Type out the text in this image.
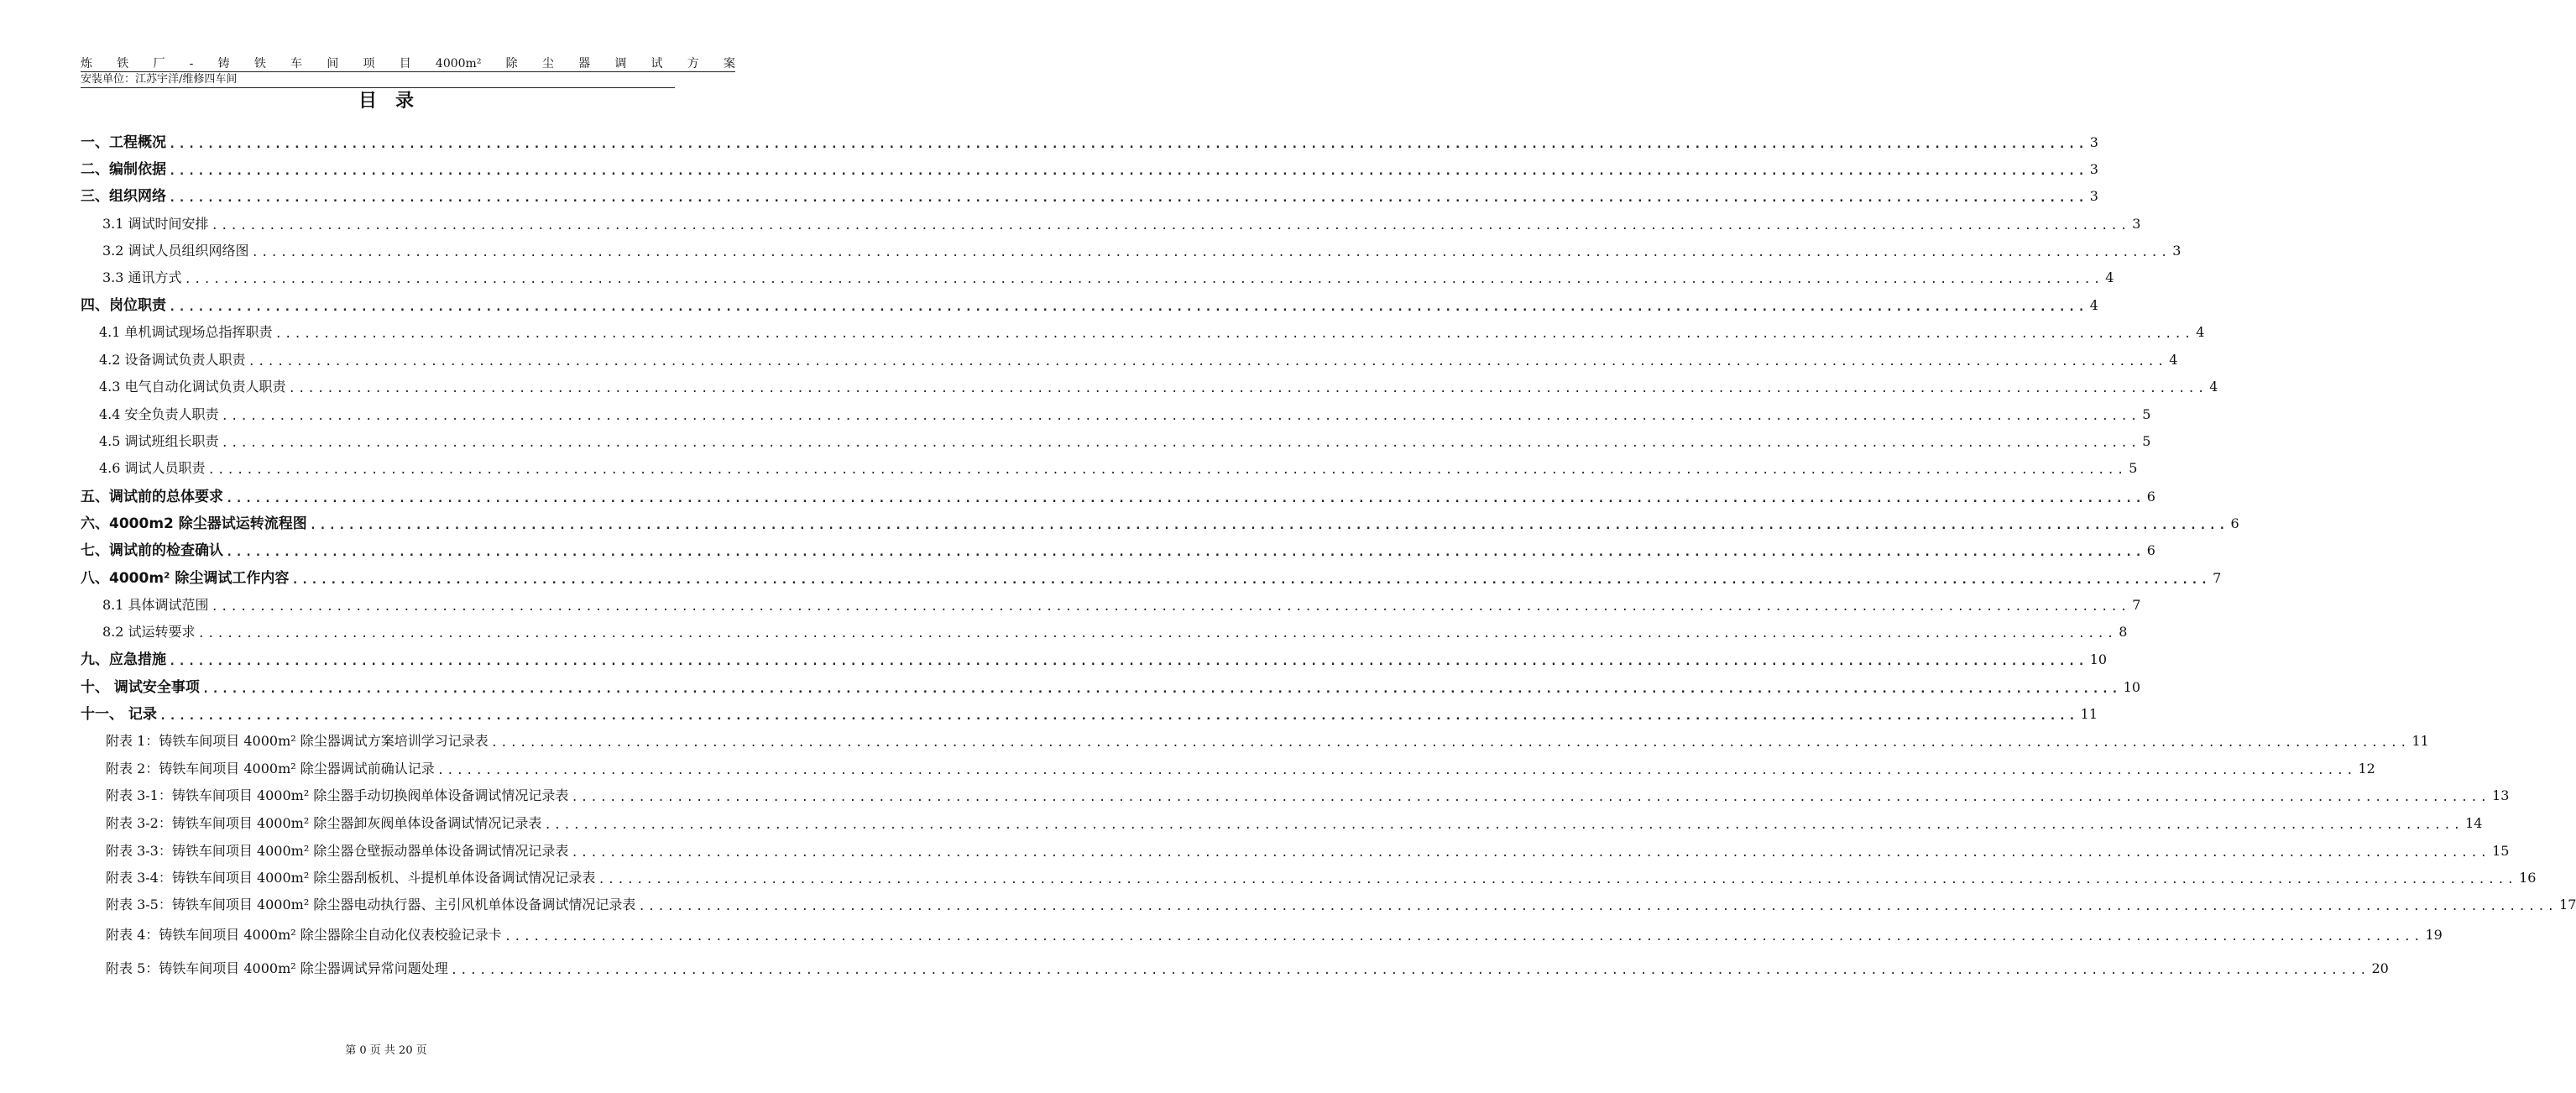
炼 铁 厂 - 铸 铁 车 间 项 目 4000m² 除 尘 器 调 试 方 案
安装单位：江苏宇洋/维修四车间
目录
一、工程概况 ........................................................................................................................................................................................................ 3
二、编制依据 ........................................................................................................................................................................................................ 3
三、组织网络 ........................................................................................................................................................................................................ 3
3.1 调试时间安排 ........................................................................................................................................................................................................ 3
3.2 调试人员组织网络图 ........................................................................................................................................................................................................ 3
3.3 通讯方式 ........................................................................................................................................................................................................ 4
四、岗位职责 ........................................................................................................................................................................................................ 4
4.1 单机调试现场总指挥职责 ........................................................................................................................................................................................................ 4
4.2 设备调试负责人职责 ........................................................................................................................................................................................................ 4
4.3 电气自动化调试负责人职责 ........................................................................................................................................................................................................ 4
4.4 安全负责人职责 ........................................................................................................................................................................................................ 5
4.5 调试班组长职责 ........................................................................................................................................................................................................ 5
4.6 调试人员职责 ........................................................................................................................................................................................................ 5
五、调试前的总体要求 ........................................................................................................................................................................................................ 6
六、4000m2 除尘器试运转流程图 ........................................................................................................................................................................................................ 6
七、调试前的检查确认 ........................................................................................................................................................................................................ 6
八、4000m² 除尘调试工作内容 ........................................................................................................................................................................................................ 7
8.1 具体调试范围 ........................................................................................................................................................................................................ 7
8.2 试运转要求 ........................................................................................................................................................................................................ 8
九、应急措施 ........................................................................................................................................................................................................ 10
十、 调试安全事项 ........................................................................................................................................................................................................ 10
十一、 记录 ........................................................................................................................................................................................................ 11
附表 1：铸铁车间项目 4000m² 除尘器调试方案培训学习记录表 ........................................................................................................................................................................................................ 11
附表 2：铸铁车间项目 4000m² 除尘器调试前确认记录 ........................................................................................................................................................................................................ 12
附表 3-1：铸铁车间项目 4000m² 除尘器手动切换阀单体设备调试情况记录表 ........................................................................................................................................................................................................ 13
附表 3-2：铸铁车间项目 4000m² 除尘器卸灰阀单体设备调试情况记录表 ........................................................................................................................................................................................................ 14
附表 3-3：铸铁车间项目 4000m² 除尘器仓壁振动器单体设备调试情况记录表 ........................................................................................................................................................................................................ 15
附表 3-4：铸铁车间项目 4000m² 除尘器刮板机、斗提机单体设备调试情况记录表 ........................................................................................................................................................................................................ 16
附表 3-5：铸铁车间项目 4000m² 除尘器电动执行器、主引风机单体设备调试情况记录表 ........................................................................................................................................................................................................ 17
附表 4：铸铁车间项目 4000m² 除尘器除尘自动化仪表校验记录卡 ........................................................................................................................................................................................................ 19
附表 5：铸铁车间项目 4000m² 除尘器调试异常问题处理 ........................................................................................................................................................................................................ 20
第 0 页 共 20 页
